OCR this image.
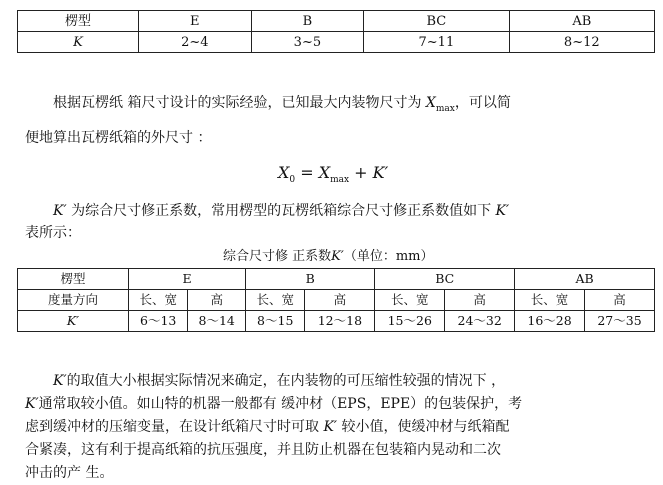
楞型	E	B	BC	AB
K	2~4	3~5	7~11	8~12
根据瓦楞纸 箱尺寸设计的实际经验，已知最大内装物尺寸为 $X_{max}$，可以简
便地算出瓦楞纸箱的外尺寸 ：
$X_0 = X_{max} + K'$
K′ 为综合尺寸修正系数，常用楞型的瓦楞纸箱综合尺寸修正系数值如下 K′
表所示：
综合尺寸修 正系数K′（单位：mm）
楞型	E		B		BC		AB	
度量方向	长、宽	高	长、宽	高	长、宽	高	长、宽	高
K′	6～13	8～14	8～15	12～18	15～26	24～32	16～28	27～35
K′的取值大小根据实际情况来确定，在内装物的可压缩性较强的情况下 ，
K′通常取较小值。如山特的机器一般都有 缓冲材（EPS，EPE）的包装保护，考
虑到缓冲材的压缩变量，在设计纸箱尺寸时可取 K′ 较小值，使缓冲材与纸箱配
合紧凑，这有利于提高纸箱的抗压强度，并且防止机器在包装箱内晃动和二次
冲击的产 生。
